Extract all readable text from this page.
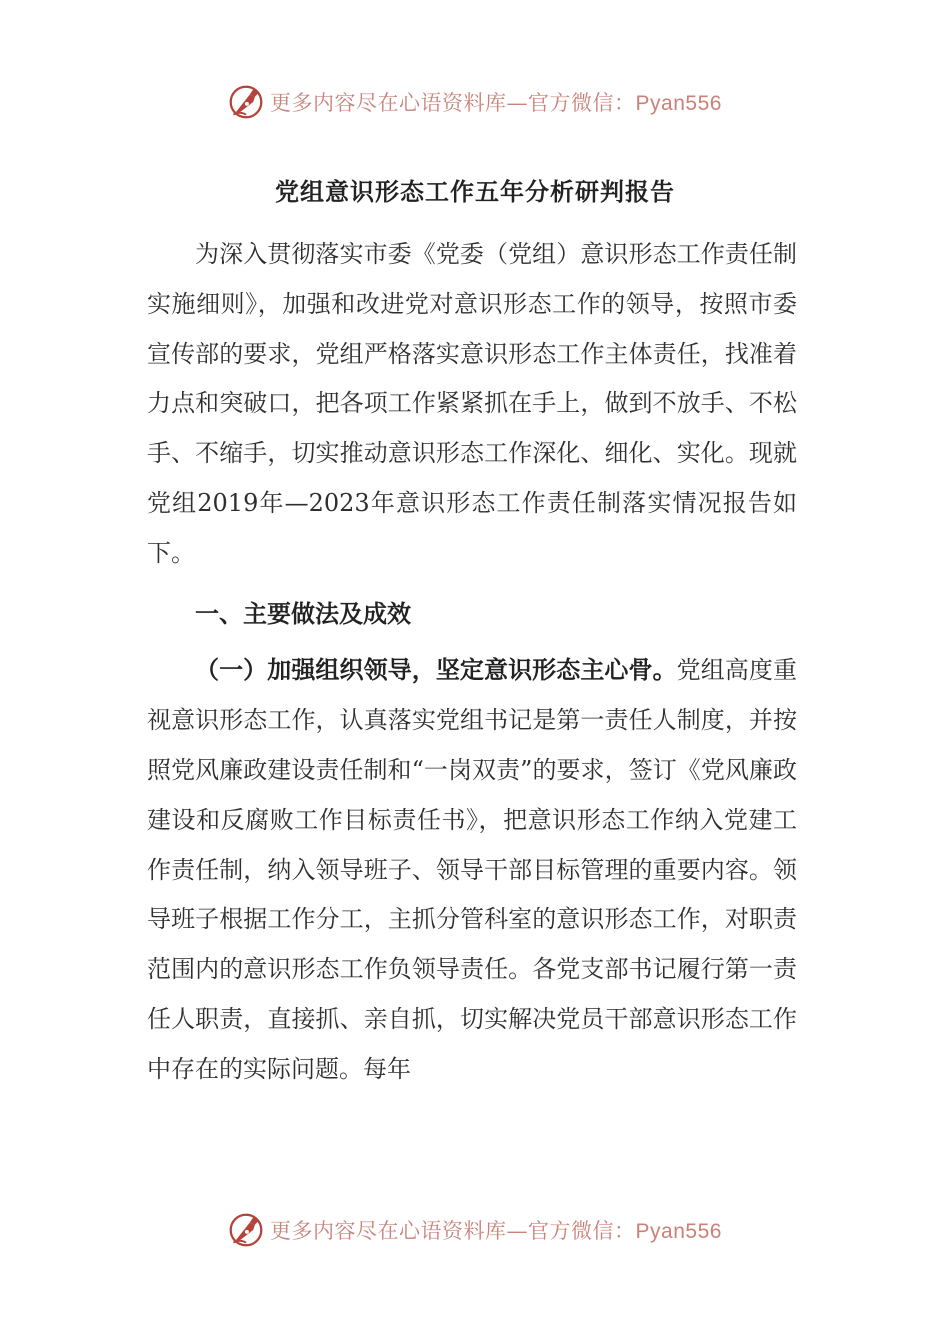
更多内容尽在心语资料库—官方微信：Pyan556
党组意识形态工作五年分析研判报告

为深入贯彻落实市委《党委（党组）意识形态工作责任制实施细则》，加强和改进党对意识形态工作的领导，按照市委宣传部的要求，党组严格落实意识形态工作主体责任，找准着力点和突破口，把各项工作紧紧抓在手上，做到不放手、不松手、不缩手，切实推动意识形态工作深化、细化、实化。现就党组2019年—2023年意识形态工作责任制落实情况报告如下。

一、主要做法及成效

（一）加强组织领导，坚定意识形态主心骨。党组高度重视意识形态工作，认真落实党组书记是第一责任人制度，并按照党风廉政建设责任制和“一岗双责”的要求，签订《党风廉政建设和反腐败工作目标责任书》，把意识形态工作纳入党建工作责任制，纳入领导班子、领导干部目标管理的重要内容。领导班子根据工作分工，主抓分管科室的意识形态工作，对职责范围内的意识形态工作负领导责任。各党支部书记履行第一责任人职责，直接抓、亲自抓，切实解决党员干部意识形态工作中存在的实际问题。每年

更多内容尽在心语资料库—官方微信：Pyan556
